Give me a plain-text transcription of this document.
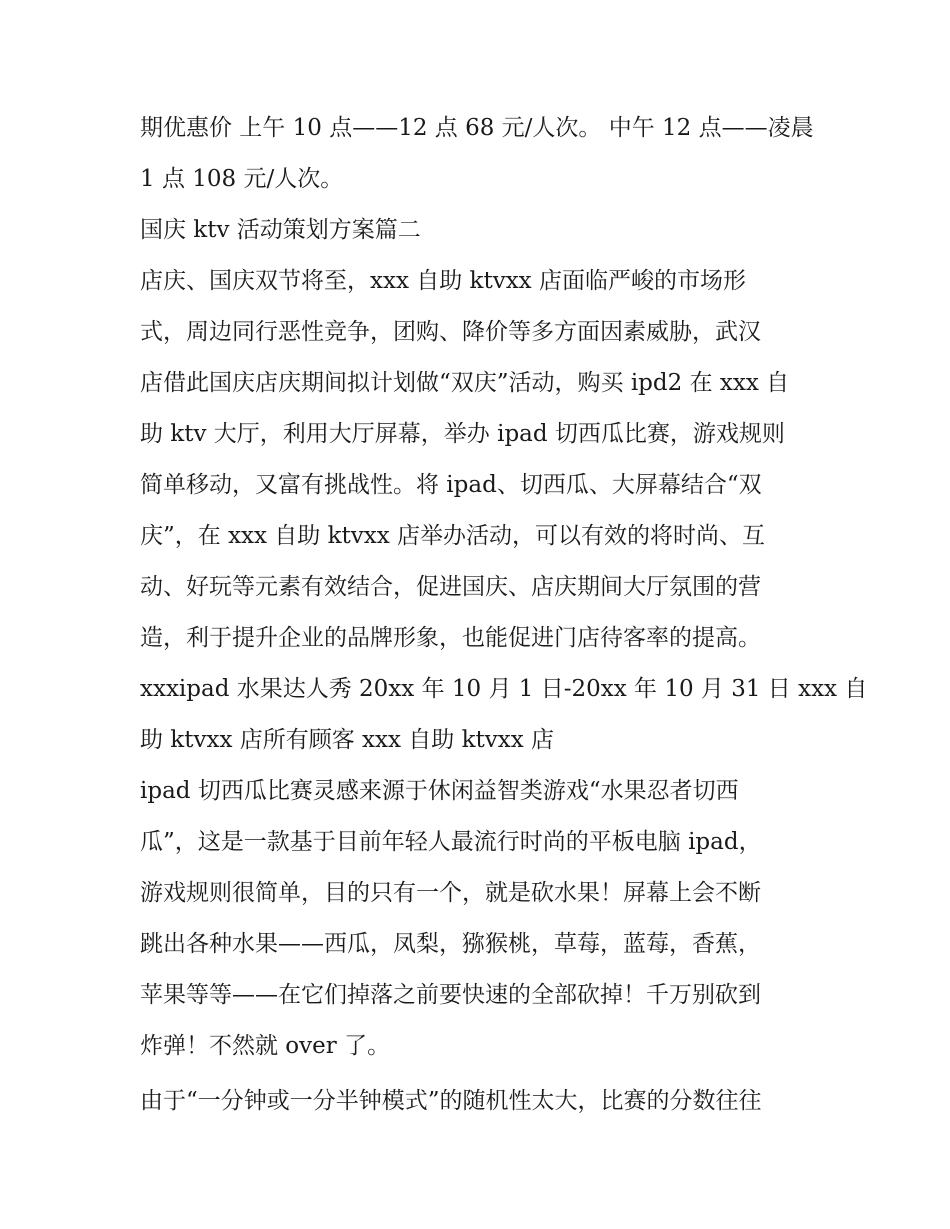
期优惠价 上午 10 点——12 点 68 元/人次。 中午 12 点——凌晨
1 点 108 元/人次。
国庆 ktv 活动策划方案篇二
店庆、国庆双节将至，xxx 自助 ktvxx 店面临严峻的市场形
式，周边同行恶性竞争，团购、降价等多方面因素威胁，武汉
店借此国庆店庆期间拟计划做“双庆”活动，购买 ipd2 在 xxx 自
助 ktv 大厅，利用大厅屏幕，举办 ipad 切西瓜比赛，游戏规则
简单移动，又富有挑战性。将 ipad、切西瓜、大屏幕结合“双
庆”，在 xxx 自助 ktvxx 店举办活动，可以有效的将时尚、互
动、好玩等元素有效结合，促进国庆、店庆期间大厅氛围的营
造，利于提升企业的品牌形象，也能促进门店待客率的提高。
xxxipad 水果达人秀 20xx 年 10 月 1 日-20xx 年 10 月 31 日 xxx 自
助 ktvxx 店所有顾客 xxx 自助 ktvxx 店
ipad 切西瓜比赛灵感来源于休闲益智类游戏“水果忍者切西
瓜”，这是一款基于目前年轻人最流行时尚的平板电脑 ipad，
游戏规则很简单，目的只有一个，就是砍水果！屏幕上会不断
跳出各种水果——西瓜，凤梨，猕猴桃，草莓，蓝莓，香蕉，
苹果等等——在它们掉落之前要快速的全部砍掉！千万别砍到
炸弹！不然就 over 了。
由于“一分钟或一分半钟模式”的随机性太大，比赛的分数往往
